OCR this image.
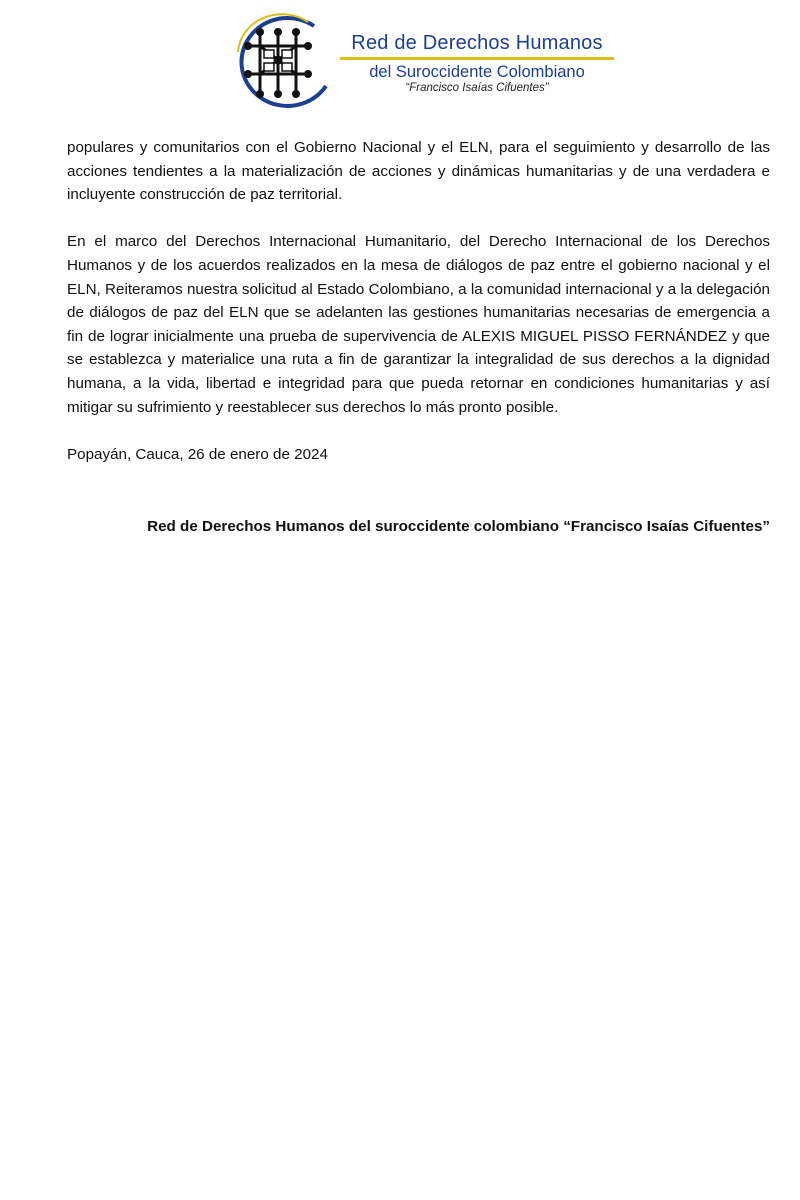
Red de Derechos Humanos
del Suroccidente Colombiano
“Francisco Isaías Cifuentes”

populares y comunitarios con el Gobierno Nacional y el ELN, para el seguimiento y desarrollo de las acciones tendientes a la materialización de acciones y dinámicas humanitarias y de una verdadera e incluyente construcción de paz territorial.

En el marco del Derechos Internacional Humanitario, del Derecho Internacional de los Derechos Humanos y de los acuerdos realizados en la mesa de diálogos de paz entre el gobierno nacional y el ELN, Reiteramos nuestra solicitud al Estado Colombiano, a la comunidad internacional y a la delegación de diálogos de paz del ELN que se adelanten las gestiones humanitarias necesarias de emergencia a fin de lograr inicialmente una prueba de supervivencia de ALEXIS MIGUEL PISSO FERNÁNDEZ y que se establezca y materialice una ruta a fin de garantizar la integralidad de sus derechos a la dignidad humana, a la vida, libertad e integridad para que pueda retornar en condiciones humanitarias y así mitigar su sufrimiento y reestablecer sus derechos lo más pronto posible.

Popayán, Cauca, 26 de enero de 2024

Red de Derechos Humanos del suroccidente colombiano “Francisco Isaías Cifuentes”
